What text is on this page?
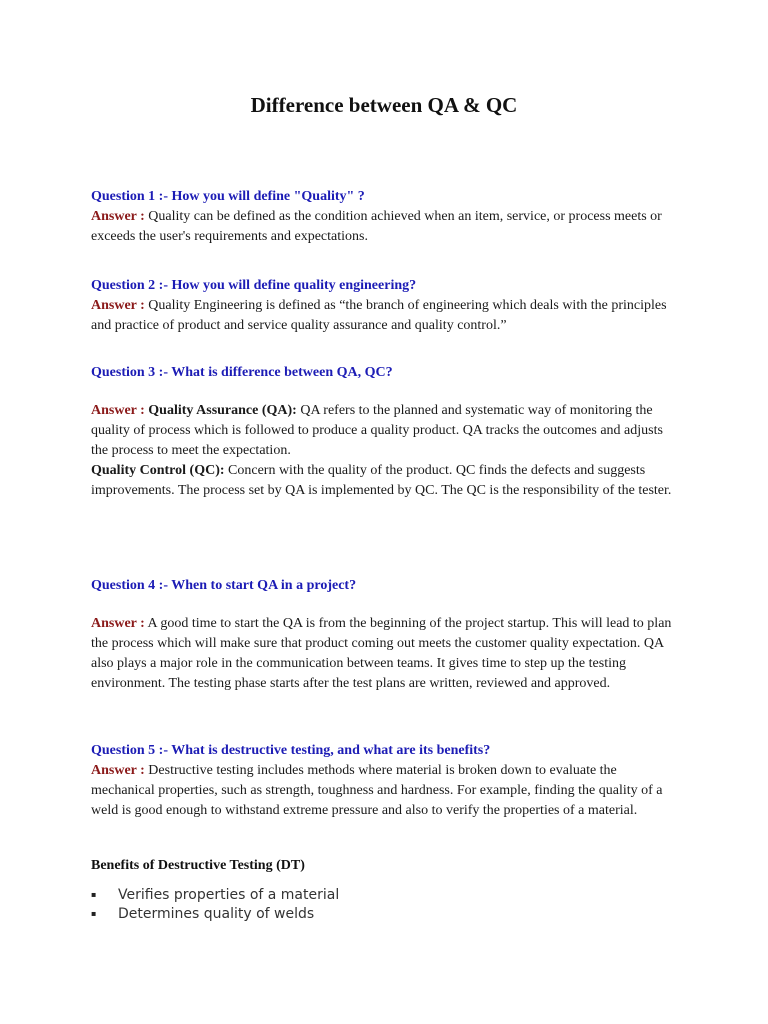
Difference between QA & QC

Question 1 :- How you will define "Quality" ?

Answer : Quality can be defined as the condition achieved when an item, service, or process meets or exceeds the user's requirements and expectations.

Question 2 :- How you will define quality engineering?

Answer : Quality Engineering is defined as “the branch of engineering which deals with the principles and practice of product and service quality assurance and quality control.”

Question 3 :- What is difference between QA, QC?

Answer : Quality Assurance (QA): QA refers to the planned and systematic way of monitoring the quality of process which is followed to produce a quality product. QA tracks the outcomes and adjusts the process to meet the expectation.

Quality Control (QC): Concern with the quality of the product. QC finds the defects and suggests improvements. The process set by QA is implemented by QC. The QC is the responsibility of the tester.

Question 4 :- When to start QA in a project?

Answer : A good time to start the QA is from the beginning of the project startup. This will lead to plan the process which will make sure that product coming out meets the customer quality expectation. QA also plays a major role in the communication between teams. It gives time to step up the testing environment. The testing phase starts after the test plans are written, reviewed and approved.

Question 5 :- What is destructive testing, and what are its benefits?

Answer : Destructive testing includes methods where material is broken down to evaluate the mechanical properties, such as strength, toughness and hardness. For example, finding the quality of a weld is good enough to withstand extreme pressure and also to verify the properties of a material.

Benefits of Destructive Testing (DT)

▪	Verifies properties of a material
▪	Determines quality of welds
